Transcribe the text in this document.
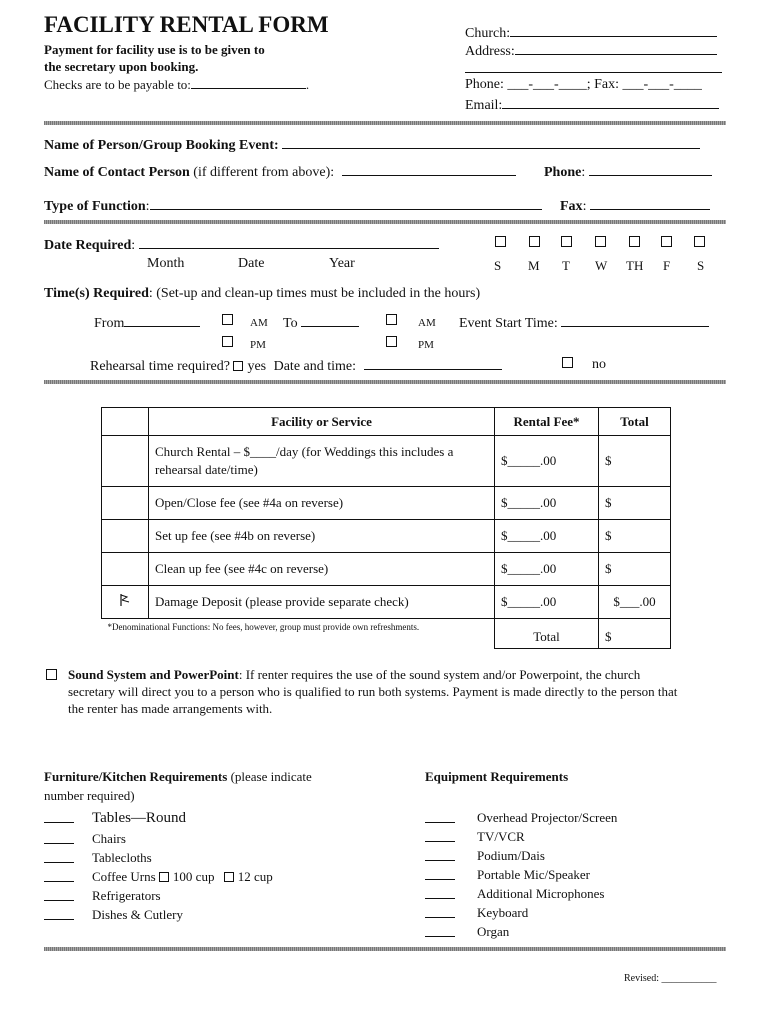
FACILITY RENTAL FORM
Payment for facility use is to be given to
the secretary upon booking.
Checks are to be payable to:	.
Church:
Address:
Phone: ___-___-____; Fax: ___-___-____
Email:
Name of Person/Group Booking Event:
Name of Contact Person (if different from above):	Phone:
Type of Function:	Fax:
Date Required:
Month	Date	Year	S M T W TH F S
Time(s) Required: (Set-up and clean-up times must be included in the hours)
From	AM
PM
To	AM
PM
Event Start Time:
Rehearsal time required? yes Date and time:	no
	Facility or Service	Rental Fee*	Total
	Church Rental – $____/day (for Weddings this includes a rehearsal date/time)	$_____.00	$
	Open/Close fee (see #4a on reverse)	$_____.00	$
	Set up fee (see #4b on reverse)	$_____.00	$
	Clean up fee (see #4c on reverse)	$_____.00	$
	Damage Deposit (please provide separate check)	$_____.00	$___.00
*Denominational Functions: No fees, however, group must provide own refreshments.		Total	$
Sound System and PowerPoint: If renter requires the use of the sound system and/or Powerpoint, the church
secretary will direct you to a person who is qualified to run both systems. Payment is made directly to the person that
the renter has made arrangements with.
Furniture/Kitchen Requirements (please indicate
number required)
Tables—Round
Chairs
Tablecloths
Coffee Urns 100 cup 12 cup
Refrigerators
Dishes & Cutlery
Equipment Requirements
Overhead Projector/Screen
TV/VCR
Podium/Dais
Portable Mic/Speaker
Additional Microphones
Keyboard
Organ
Revised: ___________
